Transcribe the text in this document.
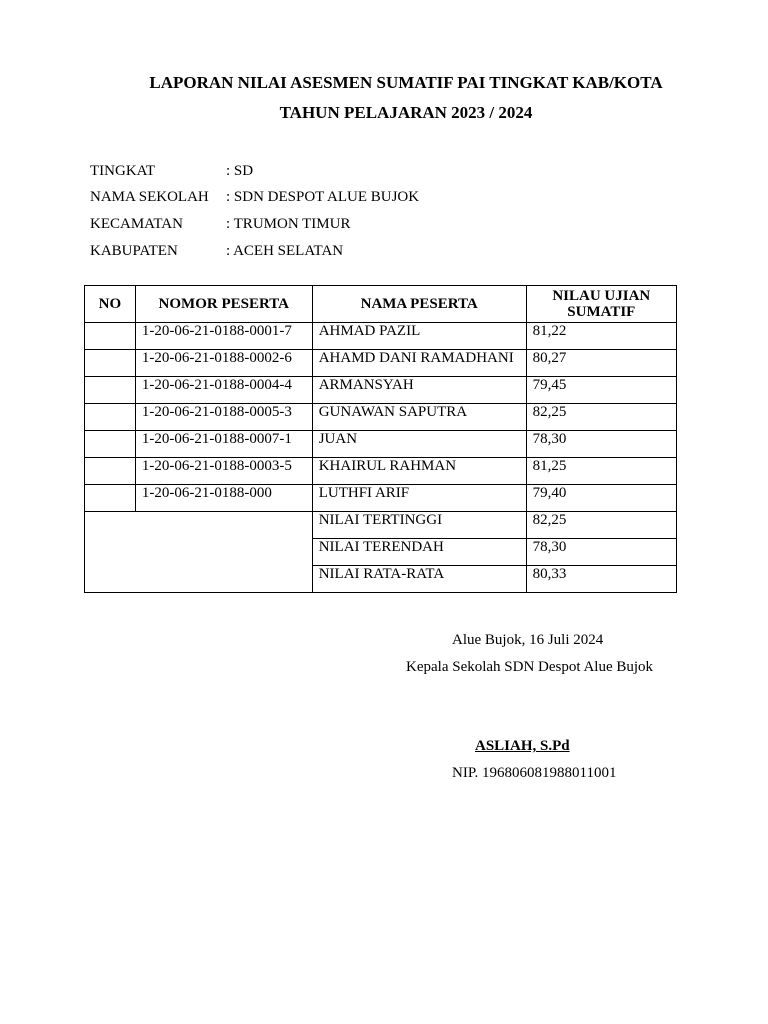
LAPORAN NILAI ASESMEN SUMATIF PAI TINGKAT KAB/KOTA
TAHUN PELAJARAN 2023 / 2024
TINGKAT	: SD
NAMA SEKOLAH : SDN DESPOT ALUE BUJOK
KECAMATAN	: TRUMON TIMUR
KABUPATEN	: ACEH SELATAN
NO	NOMOR PESERTA	NAMA PESERTA	NILAU UJIAN SUMATIF
	1-20-06-21-0188-0001-7	AHMAD PAZIL	81,22
	1-20-06-21-0188-0002-6	AHAMD DANI RAMADHANI	80,27
	1-20-06-21-0188-0004-4	ARMANSYAH	79,45
	1-20-06-21-0188-0005-3	GUNAWAN SAPUTRA	82,25
	1-20-06-21-0188-0007-1	JUAN	78,30
	1-20-06-21-0188-0003-5	KHAIRUL RAHMAN	81,25
	1-20-06-21-0188-000	LUTHFI ARIF	79,40
		NILAI TERTINGGI	82,25
		NILAI TERENDAH	78,30
		NILAI RATA-RATA	80,33
Alue Bujok, 16 Juli 2024
Kepala Sekolah SDN Despot Alue Bujok
ASLIAH, S.Pd
NIP. 196806081988011001
